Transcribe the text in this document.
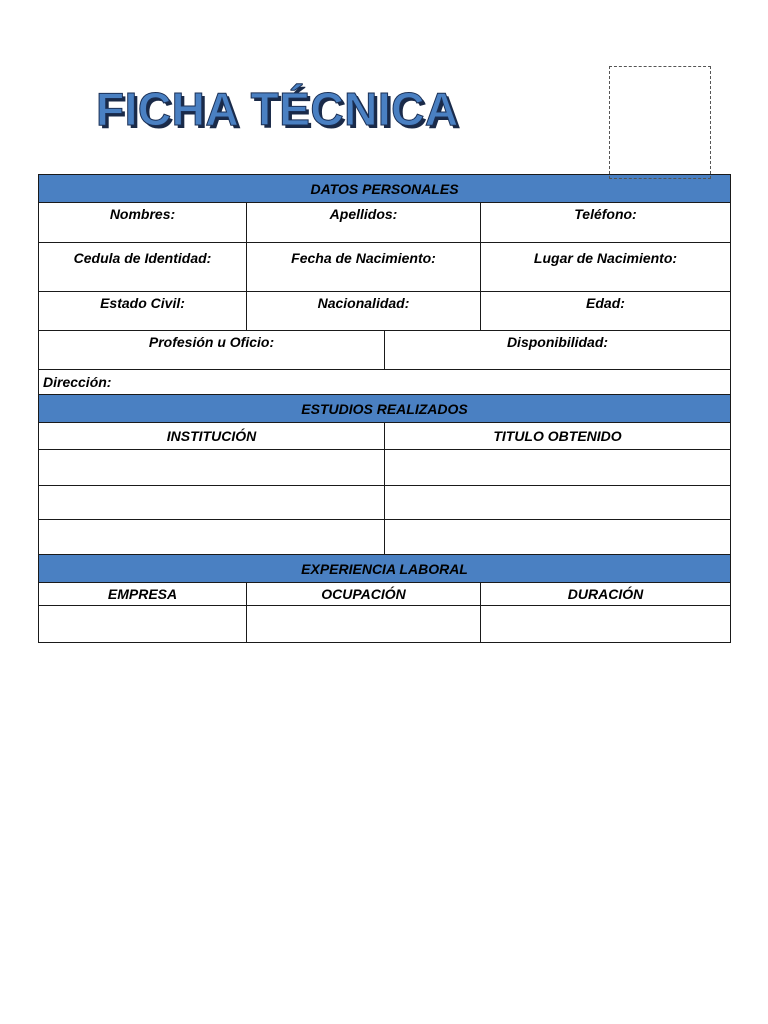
FICHA TÉCNICA
DATOS PERSONALES			

Nombres:	Apellidos:		Teléfono:

Cedula de Identidad:	Fecha de Nacimiento:		Lugar de Nacimiento:

Estado Civil:	Nacionalidad:		Edad:

Profesión u Oficio:		Disponibilidad:	

Dirección:			
ESTUDIOS REALIZADOS			
INSTITUCIÓN		TITULO OBTENIDO	

EXPERIENCIA LABORAL			
EMPRESA	OCUPACIÓN		DURACIÓN
